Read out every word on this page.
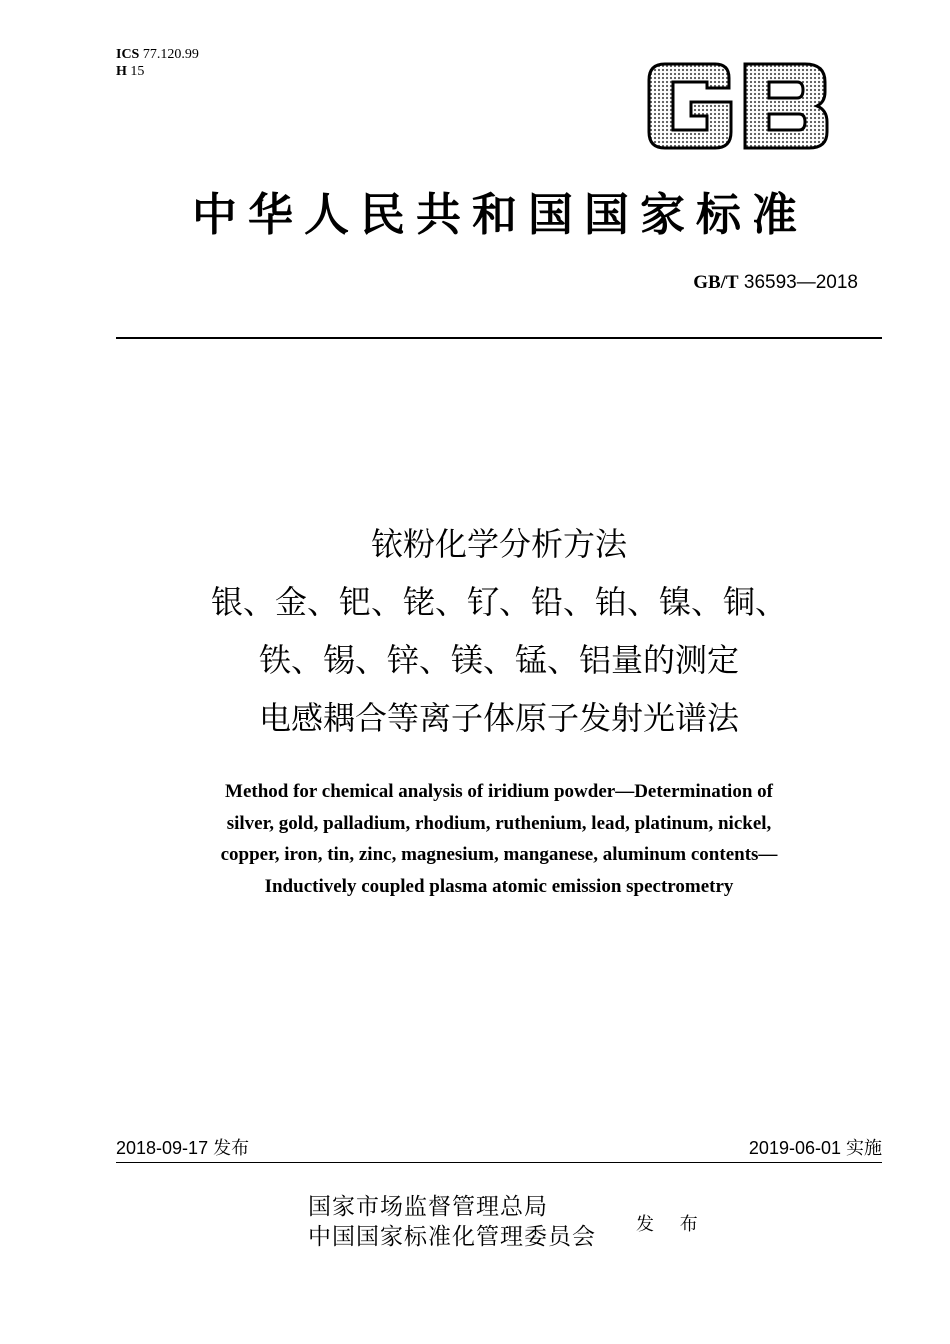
ICS 77.120.99
H 15
GB
中华人民共和国国家标准
GB/T 36593—2018
铱粉化学分析方法
银、金、钯、铑、钌、铅、铂、镍、铜、
铁、锡、锌、镁、锰、铝量的测定
电感耦合等离子体原子发射光谱法
Method for chemical analysis of iridium powder—Determination of
silver, gold, palladium, rhodium, ruthenium, lead, platinum, nickel,
copper, iron, tin, zinc, magnesium, manganese, aluminum contents—
Inductively coupled plasma atomic emission spectrometry
2018-09-17 发布	2019-06-01 实施
国家市场监督管理总局
中国国家标准化管理委员会 发 布
